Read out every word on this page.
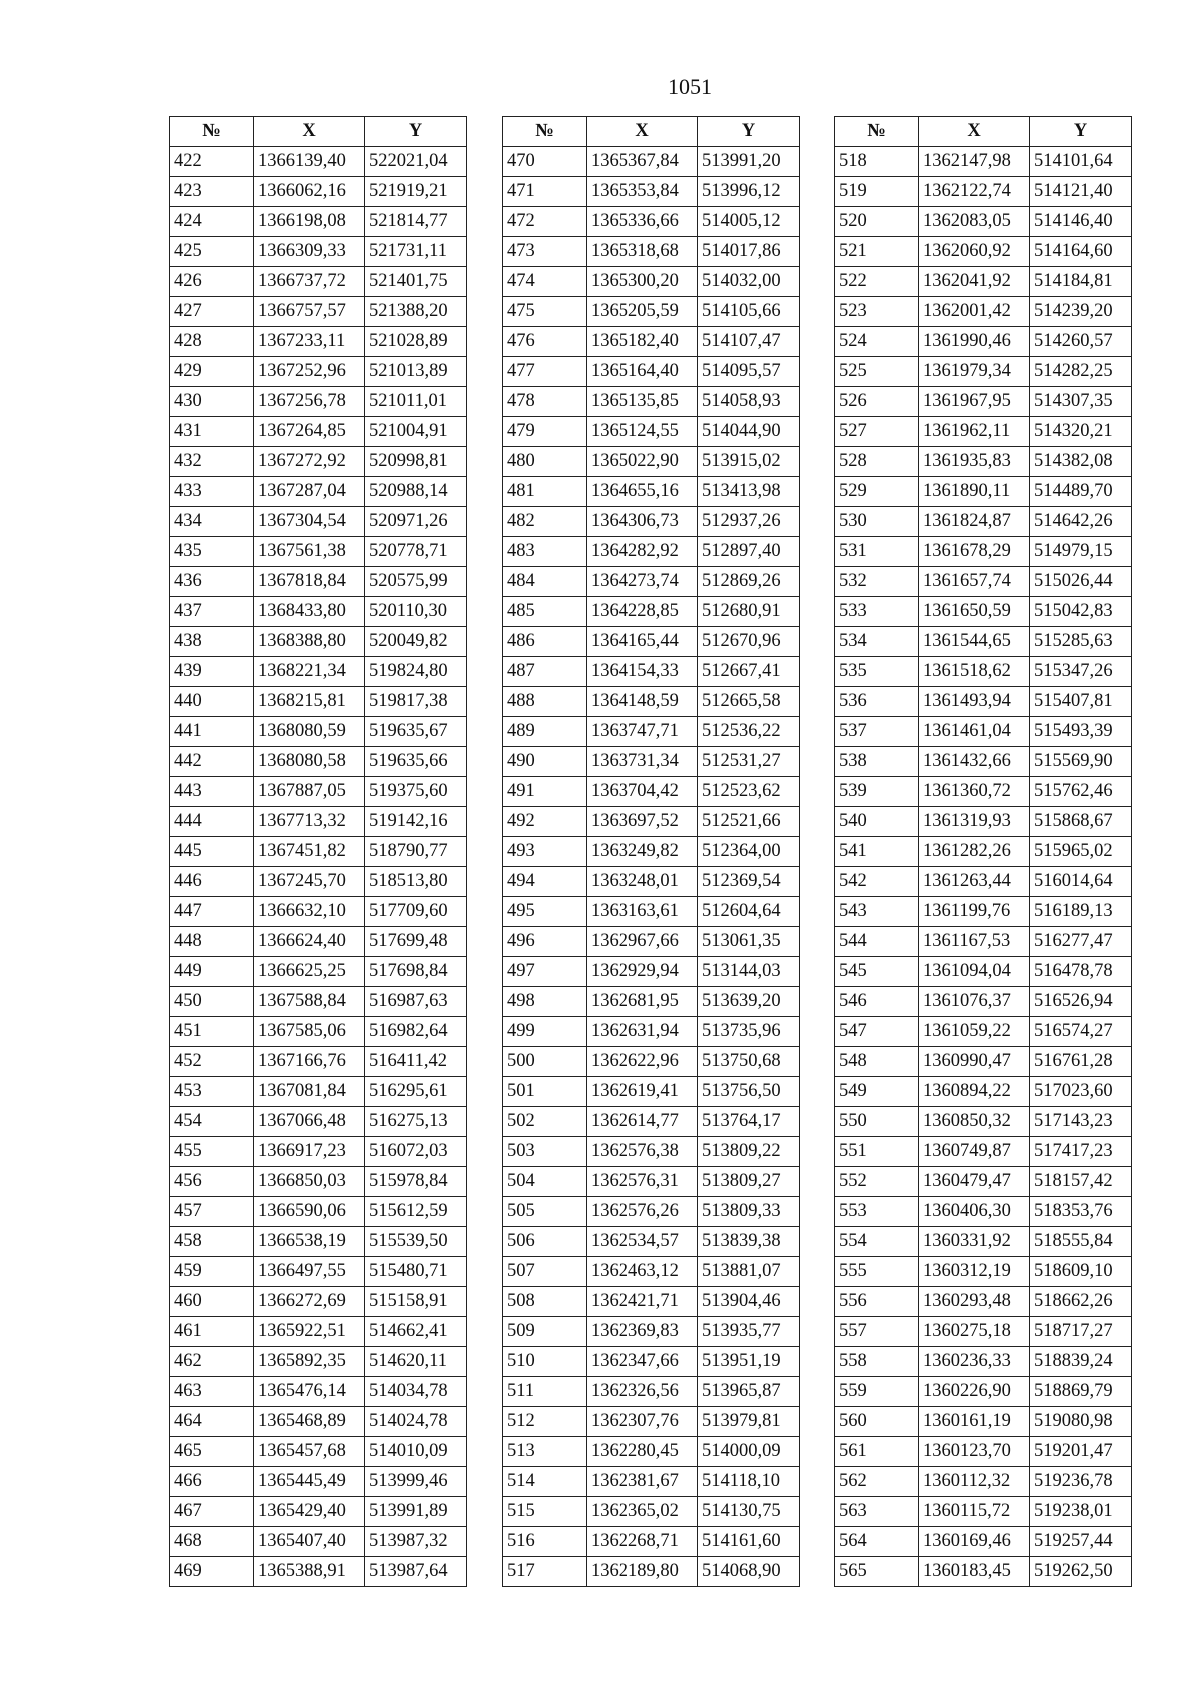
1051
№	X	Y
422	1366139,40	522021,04
423	1366062,16	521919,21
424	1366198,08	521814,77
425	1366309,33	521731,11
426	1366737,72	521401,75
427	1366757,57	521388,20
428	1367233,11	521028,89
429	1367252,96	521013,89
430	1367256,78	521011,01
431	1367264,85	521004,91
432	1367272,92	520998,81
433	1367287,04	520988,14
434	1367304,54	520971,26
435	1367561,38	520778,71
436	1367818,84	520575,99
437	1368433,80	520110,30
438	1368388,80	520049,82
439	1368221,34	519824,80
440	1368215,81	519817,38
441	1368080,59	519635,67
442	1368080,58	519635,66
443	1367887,05	519375,60
444	1367713,32	519142,16
445	1367451,82	518790,77
446	1367245,70	518513,80
447	1366632,10	517709,60
448	1366624,40	517699,48
449	1366625,25	517698,84
450	1367588,84	516987,63
451	1367585,06	516982,64
452	1367166,76	516411,42
453	1367081,84	516295,61
454	1367066,48	516275,13
455	1366917,23	516072,03
456	1366850,03	515978,84
457	1366590,06	515612,59
458	1366538,19	515539,50
459	1366497,55	515480,71
460	1366272,69	515158,91
461	1365922,51	514662,41
462	1365892,35	514620,11
463	1365476,14	514034,78
464	1365468,89	514024,78
465	1365457,68	514010,09
466	1365445,49	513999,46
467	1365429,40	513991,89
468	1365407,40	513987,32
469	1365388,91	513987,64
№	X	Y
470	1365367,84	513991,20
471	1365353,84	513996,12
472	1365336,66	514005,12
473	1365318,68	514017,86
474	1365300,20	514032,00
475	1365205,59	514105,66
476	1365182,40	514107,47
477	1365164,40	514095,57
478	1365135,85	514058,93
479	1365124,55	514044,90
480	1365022,90	513915,02
481	1364655,16	513413,98
482	1364306,73	512937,26
483	1364282,92	512897,40
484	1364273,74	512869,26
485	1364228,85	512680,91
486	1364165,44	512670,96
487	1364154,33	512667,41
488	1364148,59	512665,58
489	1363747,71	512536,22
490	1363731,34	512531,27
491	1363704,42	512523,62
492	1363697,52	512521,66
493	1363249,82	512364,00
494	1363248,01	512369,54
495	1363163,61	512604,64
496	1362967,66	513061,35
497	1362929,94	513144,03
498	1362681,95	513639,20
499	1362631,94	513735,96
500	1362622,96	513750,68
501	1362619,41	513756,50
502	1362614,77	513764,17
503	1362576,38	513809,22
504	1362576,31	513809,27
505	1362576,26	513809,33
506	1362534,57	513839,38
507	1362463,12	513881,07
508	1362421,71	513904,46
509	1362369,83	513935,77
510	1362347,66	513951,19
511	1362326,56	513965,87
512	1362307,76	513979,81
513	1362280,45	514000,09
514	1362381,67	514118,10
515	1362365,02	514130,75
516	1362268,71	514161,60
517	1362189,80	514068,90
№	X	Y
518	1362147,98	514101,64
519	1362122,74	514121,40
520	1362083,05	514146,40
521	1362060,92	514164,60
522	1362041,92	514184,81
523	1362001,42	514239,20
524	1361990,46	514260,57
525	1361979,34	514282,25
526	1361967,95	514307,35
527	1361962,11	514320,21
528	1361935,83	514382,08
529	1361890,11	514489,70
530	1361824,87	514642,26
531	1361678,29	514979,15
532	1361657,74	515026,44
533	1361650,59	515042,83
534	1361544,65	515285,63
535	1361518,62	515347,26
536	1361493,94	515407,81
537	1361461,04	515493,39
538	1361432,66	515569,90
539	1361360,72	515762,46
540	1361319,93	515868,67
541	1361282,26	515965,02
542	1361263,44	516014,64
543	1361199,76	516189,13
544	1361167,53	516277,47
545	1361094,04	516478,78
546	1361076,37	516526,94
547	1361059,22	516574,27
548	1360990,47	516761,28
549	1360894,22	517023,60
550	1360850,32	517143,23
551	1360749,87	517417,23
552	1360479,47	518157,42
553	1360406,30	518353,76
554	1360331,92	518555,84
555	1360312,19	518609,10
556	1360293,48	518662,26
557	1360275,18	518717,27
558	1360236,33	518839,24
559	1360226,90	518869,79
560	1360161,19	519080,98
561	1360123,70	519201,47
562	1360112,32	519236,78
563	1360115,72	519238,01
564	1360169,46	519257,44
565	1360183,45	519262,50
